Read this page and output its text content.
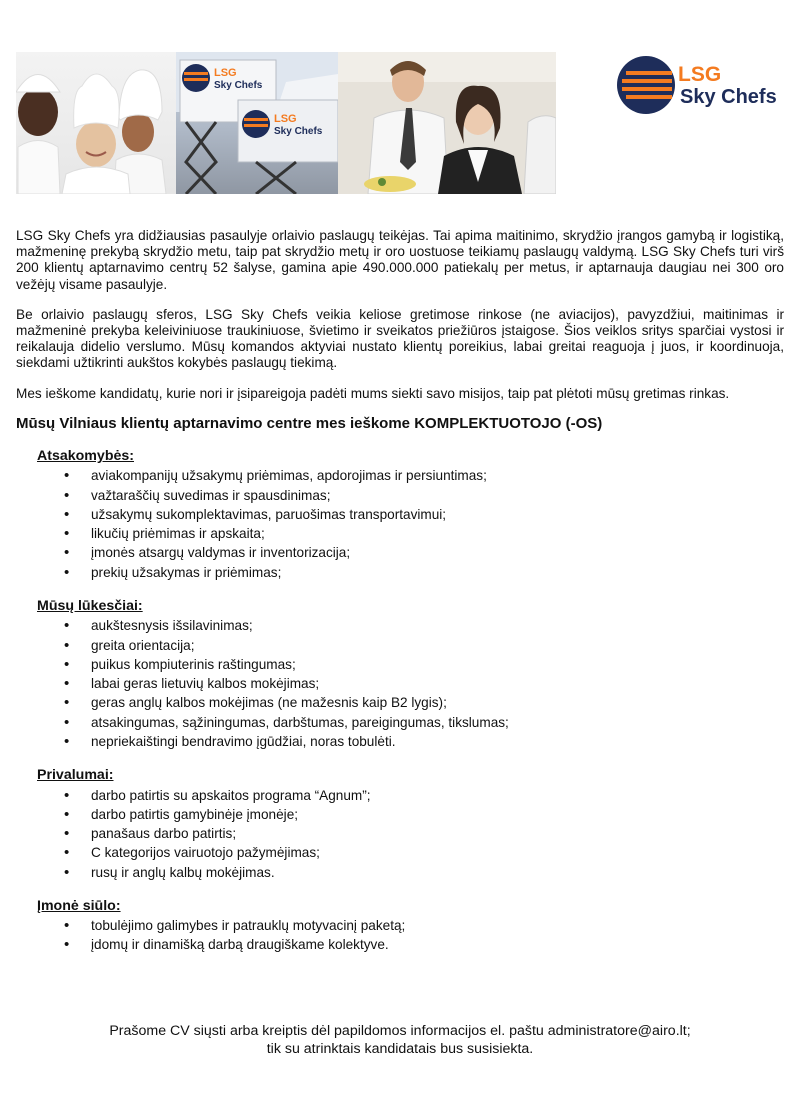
LSG
Sky Chefs
LSG
Sky Chefs
LSG
Sky Chefs

LSG Sky Chefs yra didžiausias pasaulyje orlaivio paslaugų teikėjas. Tai apima maitinimo, skrydžio įrangos gamybą ir logistiką, mažmeninę prekybą skrydžio metu, taip pat skrydžio metų ir oro uostuose teikiamų paslaugų valdymą. LSG Sky Chefs turi virš 200 klientų aptarnavimo centrų 52 šalyse, gamina apie 490.000.000 patiekalų per metus, ir aptarnauja daugiau nei 300 oro vežėjų visame pasaulyje.

Be orlaivio paslaugų sferos, LSG Sky Chefs veikia keliose gretimose rinkose (ne aviacijos), pavyzdžiui, maitinimas ir mažmeninė prekyba keleiviniuose traukiniuose, švietimo ir sveikatos priežiūros įstaigose. Šios veiklos sritys sparčiai vystosi ir reikalauja didelio verslumo. Mūsų komandos aktyviai nustato klientų poreikius, labai greitai reaguoja į juos, ir koordinuoja, siekdami užtikrinti aukštos kokybės paslaugų tiekimą.

Mes ieškome kandidatų, kurie nori ir įsipareigoja padėti mums siekti savo misijos, taip pat plėtoti mūsų gretimas rinkas.

Mūsų Vilniaus klientų aptarnavimo centre mes ieškome KOMPLEKTUOTOJO (-OS)
Atsakomybės:
• aviakompanijų užsakymų priėmimas, apdorojimas ir persiuntimas;
• važtaraščių suvedimas ir spausdinimas;
• užsakymų sukomplektavimas, paruošimas transportavimui;
• likučių priėmimas ir apskaita;
• įmonės atsargų valdymas ir inventorizacija;
• prekių užsakymas ir priėmimas;
Mūsų lūkesčiai:
• aukštesnysis išsilavinimas;
• greita orientacija;
• puikus kompiuterinis raštingumas;
• labai geras lietuvių kalbos mokėjimas;
• geras anglų kalbos mokėjimas (ne mažesnis kaip B2 lygis);
• atsakingumas, sąžiningumas, darbštumas, pareigingumas, tikslumas;
• nepriekaištingi bendravimo įgūdžiai, noras tobulėti.
Privalumai:
• darbo patirtis su apskaitos programa “Agnum”;
• darbo patirtis gamybinėje įmonėje;
• panašaus darbo patirtis;
• C kategorijos vairuotojo pažymėjimas;
• rusų ir anglų kalbų mokėjimas.
Įmonė siūlo:
• tobulėjimo galimybes ir patrauklų motyvacinį paketą;
• įdomų ir dinamišką darbą draugiškame kolektyve.
Prašome CV siųsti arba kreiptis dėl papildomos informacijos el. paštu administratore@airo.lt;
tik su atrinktais kandidatais bus susisiekta.
